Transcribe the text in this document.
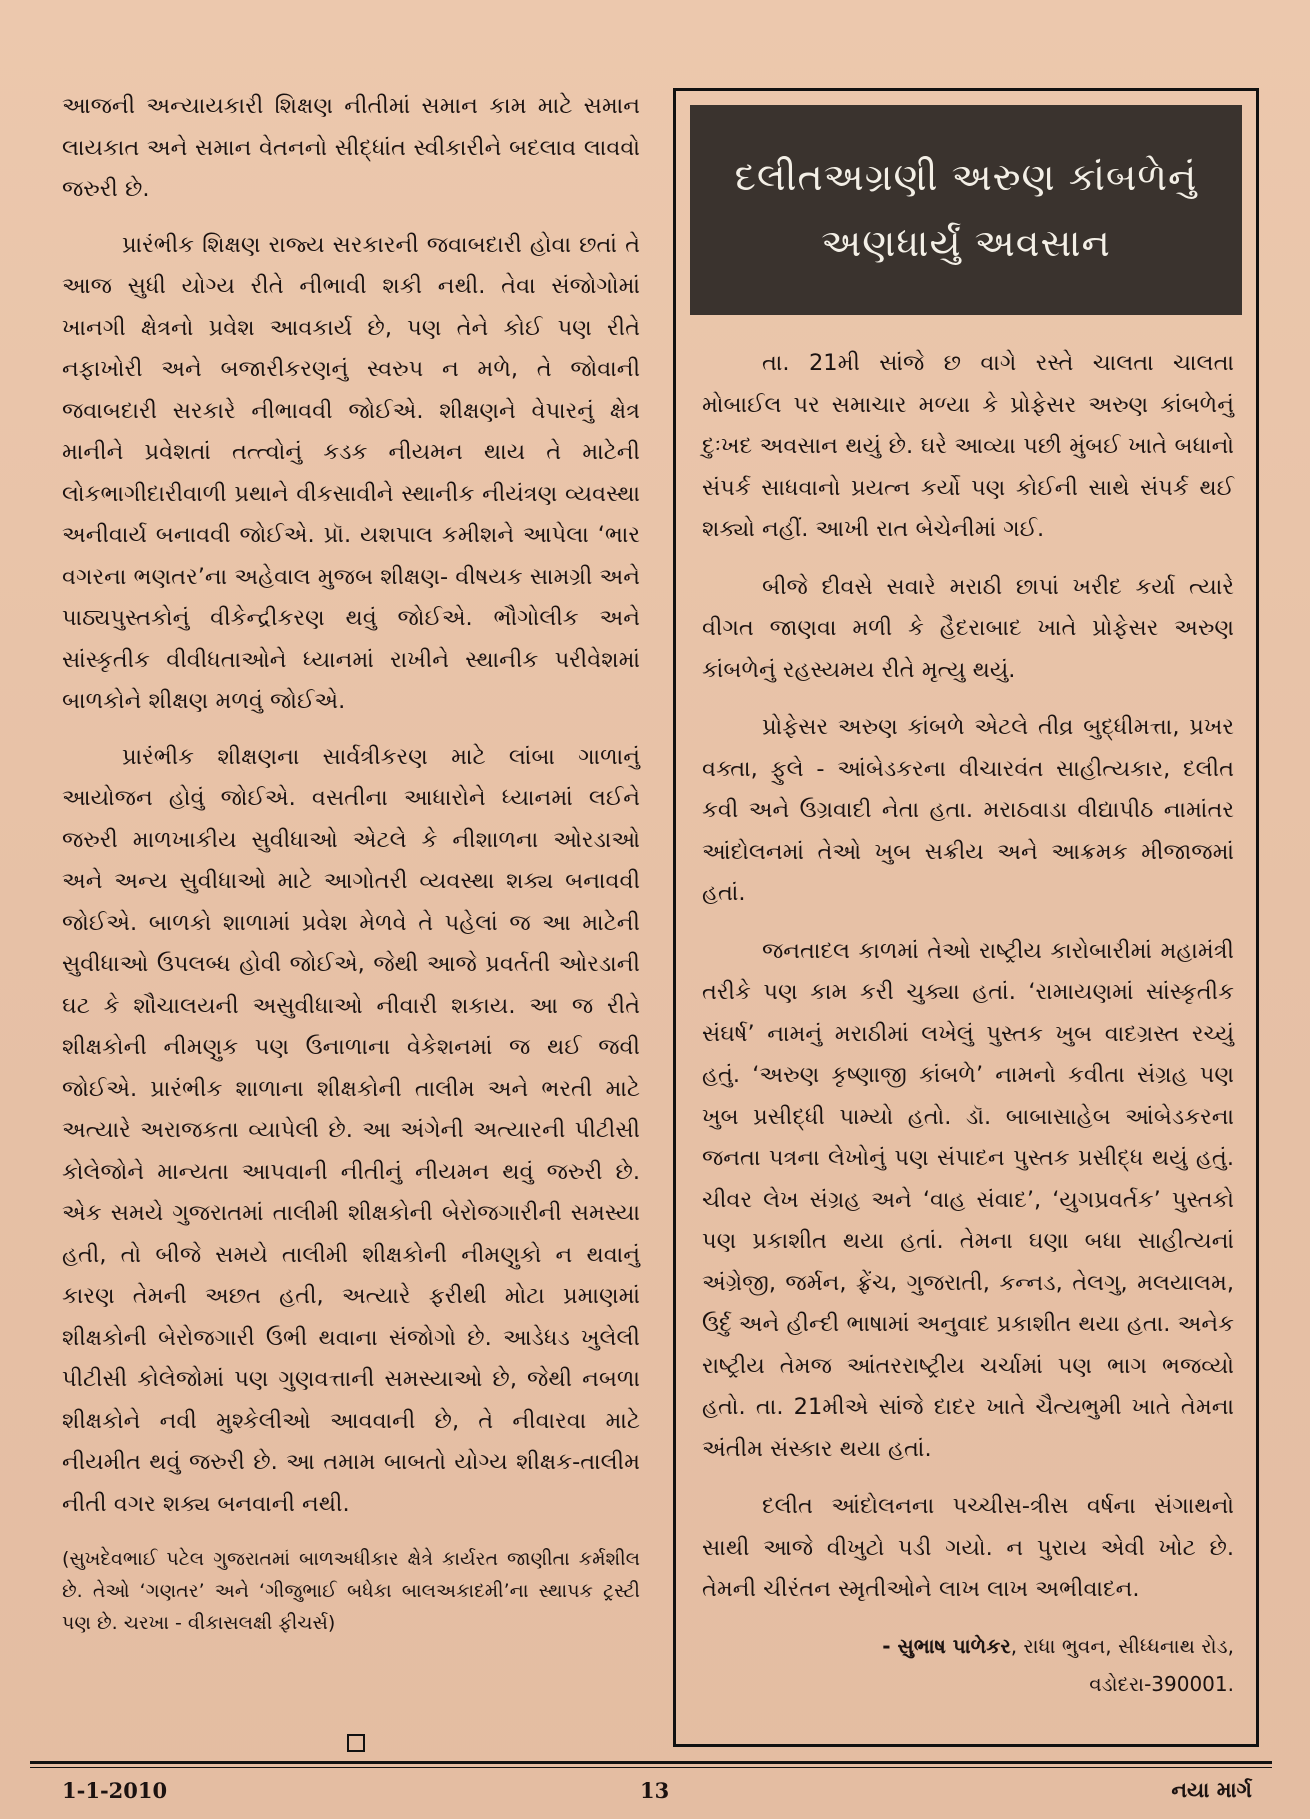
આજની અન્યાયકારી શિક્ષણ નીતીમાં સમાન કામ માટે સમાન લાયકાત અને સમાન વેતનનો સીદ્ધાંત સ્વીકારીને બદલાવ લાવવો જરુરી છે.

પ્રારંભીક શિક્ષણ રાજ્ય સરકારની જવાબદારી હોવા છતાં તે આજ સુધી યોગ્ય રીતે નીભાવી શકી નથી. તેવા સંજોગોમાં ખાનગી ક્ષેત્રનો પ્રવેશ આવકાર્ય છે, પણ તેને કોઈ પણ રીતે નફાખોરી અને બજારીકરણનું સ્વરુપ ન મળે, તે જોવાની જવાબદારી સરકારે નીભાવવી જોઈએ. શીક્ષણને વેપારનું ક્ષેત્ર માનીને પ્રવેશતાં તત્ત્વોનું કડક નીયમન થાય તે માટેની લોકભાગીદારીવાળી પ્રથાને વીકસાવીને સ્થાનીક નીયંત્રણ વ્યવસ્થા અનીવાર્ય બનાવવી જોઈએ. પ્રૉ. યશપાલ કમીશને આપેલા ‘ભાર વગરના ભણતર’ના અહેવાલ મુજબ શીક્ષણ- વીષયક સામગ્રી અને પાઠ્યપુસ્તકોનું વીકેન્દ્રીકરણ થવું જોઈએ. ભૌગોલીક અને સાંસ્કૃતીક વીવીધતાઓને ધ્યાનમાં રાખીને સ્થાનીક પરીવેશમાં બાળકોને શીક્ષણ મળવું જોઈએ.

પ્રારંભીક શીક્ષણના સાર્વત્રીકરણ માટે લાંબા ગાળાનું આયોજન હોવું જોઈએ. વસતીના આધારોને ધ્યાનમાં લઈને જરુરી માળખાકીય સુવીધાઓ એટલે કે નીશાળના ઓરડાઓ અને અન્ય સુવીધાઓ માટે આગોતરી વ્યવસ્થા શક્ય બનાવવી જોઈએ. બાળકો શાળામાં પ્રવેશ મેળવે તે પહેલાં જ આ માટેની સુવીધાઓ ઉપલબ્ધ હોવી જોઈએ, જેથી આજે પ્રવર્તતી ઓરડાની ઘટ કે શૌચાલયની અસુવીધાઓ નીવારી શકાય. આ જ રીતે શીક્ષકોની નીમણુક પણ ઉનાળાના વેકેશનમાં જ થઈ જવી જોઈએ. પ્રારંભીક શાળાના શીક્ષકોની તાલીમ અને ભરતી માટે અત્યારે અરાજકતા વ્યાપેલી છે. આ અંગેની અત્યારની પીટીસી કોલેજોને માન્યતા આપવાની નીતીનું નીયમન થવું જરુરી છે. એક સમયે ગુજરાતમાં તાલીમી શીક્ષકોની બેરોજગારીની સમસ્યા હતી, તો બીજે સમયે તાલીમી શીક્ષકોની નીમણુકો ન થવાનું કારણ તેમની અછત હતી, અત્યારે ફરીથી મોટા પ્રમાણમાં શીક્ષકોની બેરોજગારી ઉભી થવાના સંજોગો છે. આડેધડ ખુલેલી પીટીસી કોલેજોમાં પણ ગુણવત્તાની સમસ્યાઓ છે, જેથી નબળા શીક્ષકોને નવી મુશ્કેલીઓ આવવાની છે, તે નીવારવા માટે નીયમીત થવું જરુરી છે. આ તમામ બાબતો યોગ્ય શીક્ષક-તાલીમ નીતી વગર શક્ય બનવાની નથી.

(સુખદેવભાઈ પટેલ ગુજરાતમાં બાળઅધીકાર ક્ષેત્રે કાર્યરત જાણીતા કર્મશીલ છે. તેઓ ‘ગણતર’ અને ‘ગીજુભાઈ બધેકા બાલઅકાદમી’ના સ્થાપક ટ્રસ્ટી પણ છે. ચરખા - વીકાસલક્ષી ફીચર્સ)
દલીતઅગ્રણી અરુણ કાંબળેનું
અણધાર્યું અવસાન

તા. 21મી સાંજે છ વાગે રસ્તે ચાલતા ચાલતા મોબાઈલ પર સમાચાર મળ્યા કે પ્રોફેસર અરુણ કાંબળેનું દુઃખદ અવસાન થયું છે. ઘરે આવ્યા પછી મુંબઈ ખાતે બધાનો સંપર્ક સાધવાનો પ્રયત્ન કર્યો પણ કોઈની સાથે સંપર્ક થઈ શક્યો નહીં. આખી રાત બેચેનીમાં ગઈ.

બીજે દીવસે સવારે મરાઠી છાપાં ખરીદ કર્યા ત્યારે વીગત જાણવા મળી કે હૈદરાબાદ ખાતે પ્રોફેસર અરુણ કાંબળેનું રહસ્યમય રીતે મૃત્યુ થયું.

પ્રોફેસર અરુણ કાંબળે એટલે તીવ્ર બુદ્ધીમત્તા, પ્રખર વક્તા, ફુલે - આંબેડકરના વીચારવંત સાહીત્યકાર, દલીત કવી અને ઉગ્રવાદી નેતા હતા. મરાઠવાડા વીદ્યાપીઠ નામાંતર આંદોલનમાં તેઓ ખુબ સક્રીય અને આક્રમક મીજાજમાં હતાં.

જનતાદલ કાળમાં તેઓ રાષ્ટ્રીય કારોબારીમાં મહામંત્રી તરીકે પણ કામ કરી ચુક્યા હતાં. ‘રામાયણમાં સાંસ્કૃતીક સંઘર્ષ’ નામનું મરાઠીમાં લખેલું પુસ્તક ખુબ વાદગ્રસ્ત રચ્યું હતું. ‘અરુણ કૃષ્ણાજી કાંબળે’ નામનો કવીતા સંગ્રહ પણ ખુબ પ્રસીદ્ધી પામ્યો હતો. ડૉ. બાબાસાહેબ આંબેડકરના જનતા પત્રના લેખોનું પણ સંપાદન પુસ્તક પ્રસીદ્ધ થયું હતું. ચીવર લેખ સંગ્રહ અને ‘વાહ સંવાદ’, ‘યુગપ્રવર્તક’ પુસ્તકો પણ પ્રકાશીત થયા હતાં. તેમના ઘણા બધા સાહીત્યનાં અંગ્રેજી, જર્મન, ફ્રેંચ, ગુજરાતી, કન્નડ, તેલગુ, મલયાલમ, ઉર્દુ અને હીન્દી ભાષામાં અનુવાદ પ્રકાશીત થયા હતા. અનેક રાષ્ટ્રીય તેમજ આંતરરાષ્ટ્રીય ચર્ચામાં પણ ભાગ ભજવ્યો હતો. તા. 21મીએ સાંજે દાદર ખાતે ચૈત્યભુમી ખાતે તેમના અંતીમ સંસ્કાર થયા હતાં.

દલીત આંદોલનના પચ્ચીસ-ત્રીસ વર્ષના સંગાથનો સાથી આજે વીખુટો પડી ગયો. ન પુરાય એવી ખોટ છે. તેમની ચીરંતન સ્મૃતીઓને લાખ લાખ અભીવાદન.

- સુભાષ પાળેકર, રાધા ભુવન, સીધ્ધનાથ રોડ,
વડોદરા-390001.
1-1-2010	13	નયા માર્ગ
